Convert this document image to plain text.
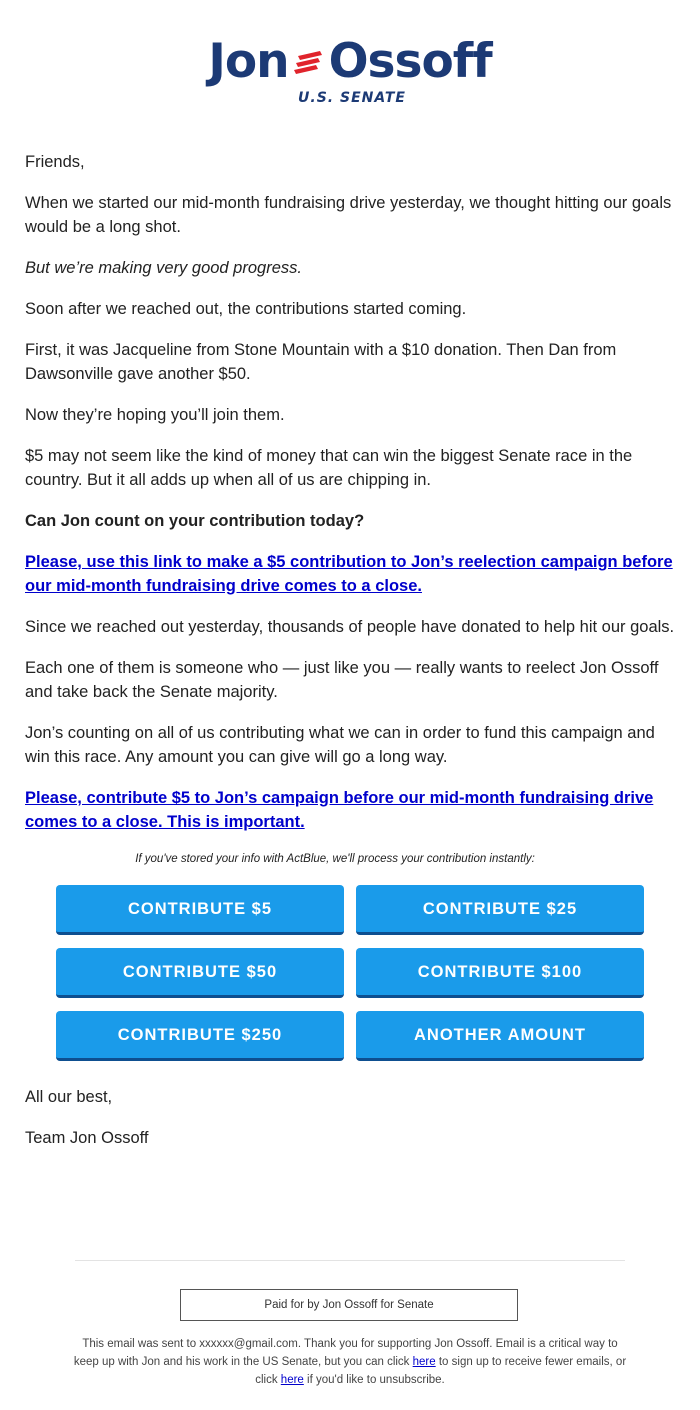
Jon Ossoff
U.S. SENATE

Friends,

When we started our mid-month fundraising drive yesterday, we thought hitting our goals would be a long shot.

But we’re making very good progress.

Soon after we reached out, the contributions started coming.

First, it was Jacqueline from Stone Mountain with a $10 donation. Then Dan from Dawsonville gave another $50.

Now they’re hoping you’ll join them.

$5 may not seem like the kind of money that can win the biggest Senate race in the country. But it all adds up when all of us are chipping in.

Can Jon count on your contribution today?

Please, use this link to make a $5 contribution to Jon’s reelection campaign before our mid-month fundraising drive comes to a close.

Since we reached out yesterday, thousands of people have donated to help hit our goals.

Each one of them is someone who — just like you — really wants to reelect Jon Ossoff and take back the Senate majority.

Jon’s counting on all of us contributing what we can in order to fund this campaign and win this race. Any amount you can give will go a long way.

Please, contribute $5 to Jon’s campaign before our mid-month fundraising drive comes to a close. This is important.

If you've stored your info with ActBlue, we'll process your contribution instantly:

CONTRIBUTE $5	CONTRIBUTE $25
CONTRIBUTE $50	CONTRIBUTE $100
CONTRIBUTE $250	ANOTHER AMOUNT

All our best,

Team Jon Ossoff

Paid for by Jon Ossoff for Senate
This email was sent to xxxxxx@gmail.com. Thank you for supporting Jon Ossoff. Email is a critical way to keep up with Jon and his work in the US Senate, but you can click here to sign up to receive fewer emails, or click here if you'd like to unsubscribe.
